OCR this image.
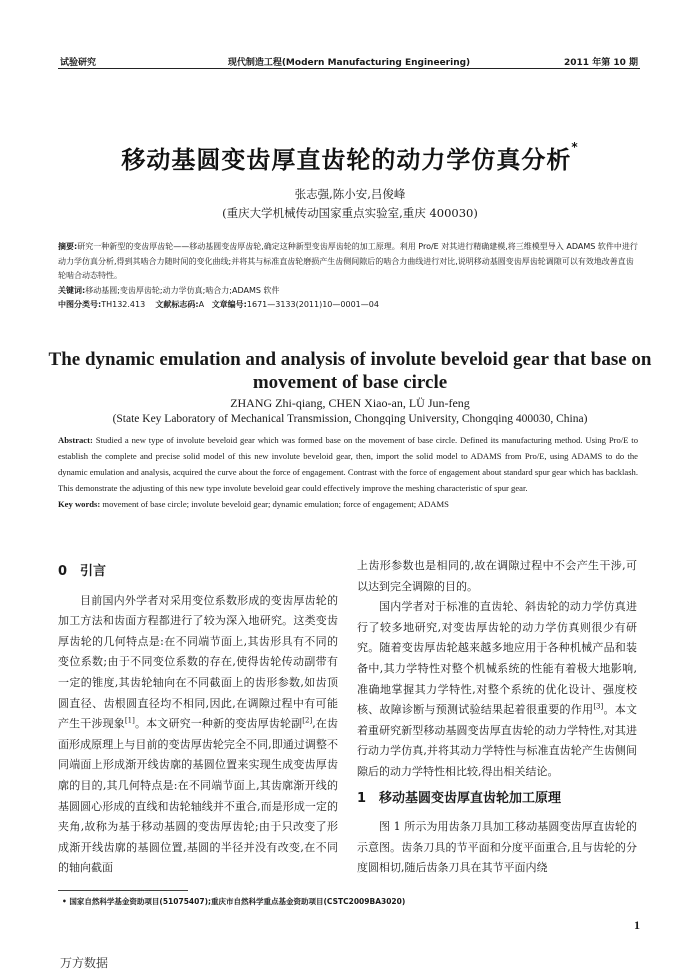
试验研究	现代制造工程(Modern Manufacturing Engineering)	2011 年第 10 期
移动基圆变齿厚直齿轮的动力学仿真分析*
张志强,陈小安,吕俊峰
(重庆大学机械传动国家重点实验室,重庆 400030)
摘要:研究一种新型的变齿厚齿轮——移动基圆变齿厚齿轮,确定这种新型变齿厚齿轮的加工原理。利用 Pro/E 对其进行精确建模,将三维模型导入 ADAMS 软件中进行动力学仿真分析,得到其啮合力随时间的变化曲线;并将其与标准直齿轮磨损产生齿侧间隙后的啮合力曲线进行对比,说明移动基圆变齿厚齿轮调隙可以有效地改善直齿轮啮合动态特性。
关键词:移动基圆;变齿厚齿轮;动力学仿真;啮合力;ADAMS 软件
中图分类号:TH132.413 文献标志码:A 文章编号:1671—3133(2011)10—0001—04
The dynamic emulation and analysis of involute beveloid gear that base on movement of base circle
ZHANG Zhi-qiang, CHEN Xiao-an, LÜ Jun-feng
(State Key Laboratory of Mechanical Transmission, Chongqing University, Chongqing 400030, China)
Abstract: Studied a new type of involute beveloid gear which was formed base on the movement of base circle. Defined its manufacturing method. Using Pro/E to establish the complete and precise solid model of this new involute beveloid gear, then, import the solid model to ADAMS from Pro/E, using ADAMS to do the dynamic emulation and analysis, acquired the curve about the force of engagement. Contrast with the force of engagement about standard spur gear which has backlash. This demonstrate the adjusting of this new type involute beveloid gear could effectively improve the meshing characteristic of spur gear.
Key words: movement of base circle; involute beveloid gear; dynamic emulation; force of engagement; ADAMS
0 引言

目前国内外学者对采用变位系数形成的变齿厚齿轮的加工方法和齿面方程都进行了较为深入地研究。这类变齿厚齿轮的几何特点是:在不同端节面上,其齿形具有不同的变位系数;由于不同变位系数的存在,使得齿轮传动副带有一定的锥度,其齿轮轴向在不同截面上的齿形参数,如齿顶圆直径、齿根圆直径均不相同,因此,在调隙过程中有可能产生干涉现象[1]。本文研究一种新的变齿厚齿轮副[2],在齿面形成原理上与目前的变齿厚齿轮完全不同,即通过调整不同端面上形成渐开线齿廓的基圆位置来实现生成变齿厚齿廓的目的,其几何特点是:在不同端节面上,其齿廓渐开线的基圆圆心形成的直线和齿轮轴线并不重合,而是形成一定的夹角,故称为基于移动基圆的变齿厚齿轮;由于只改变了形成渐开线齿廓的基圆位置,基圆的半径并没有改变,在不同的轴向截面

上齿形参数也是相同的,故在调隙过程中不会产生干涉,可以达到完全调隙的目的。

国内学者对于标准的直齿轮、斜齿轮的动力学仿真进行了较多地研究,对变齿厚齿轮的动力学仿真则很少有研究。随着变齿厚齿轮越来越多地应用于各种机械产品和装备中,其力学特性对整个机械系统的性能有着极大地影响,准确地掌握其力学特性,对整个系统的优化设计、强度校核、故障诊断与预测试验结果起着很重要的作用[3]。本文着重研究新型移动基圆变齿厚直齿轮的动力学特性,对其进行动力学仿真,并将其动力学特性与标准直齿轮产生齿侧间隙后的动力学特性相比较,得出相关结论。

1 移动基圆变齿厚直齿轮加工原理

图 1 所示为用齿条刀具加工移动基圆变齿厚直齿轮的示意图。齿条刀具的节平面和分度平面重合,且与齿轮的分度圆相切,随后齿条刀具在其节平面内绕

• 国家自然科学基金资助项目(51075407);重庆市自然科学重点基金资助项目(CSTC2009BA3020)
1
万方数据
